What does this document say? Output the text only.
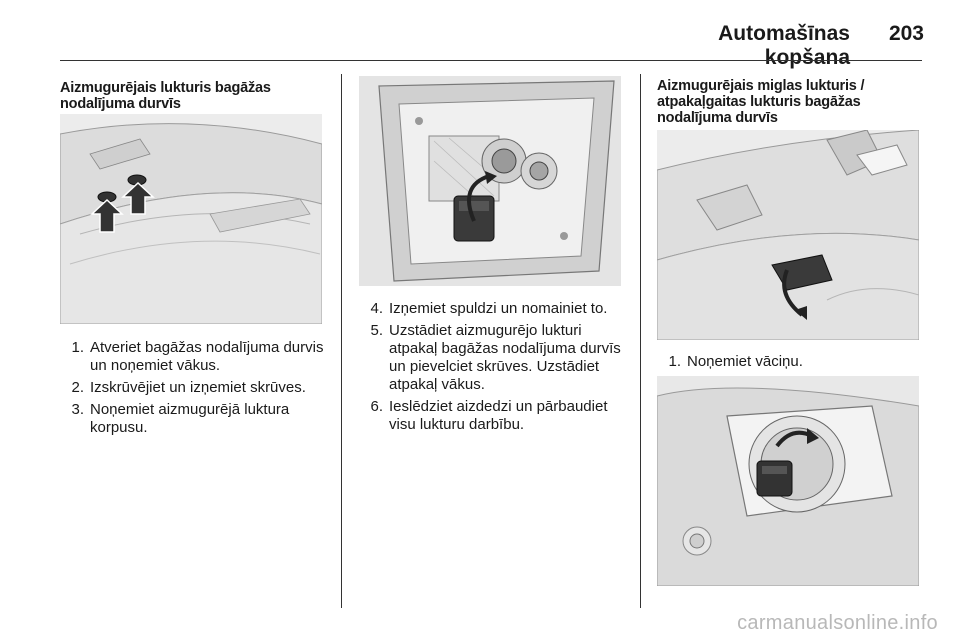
Automašīnas kopšana
203
Aizmugurējais lukturis bagāžas nodalījuma durvīs
1. Atveriet bagāžas nodalījuma durvis un noņemiet vākus.
2. Izskrūvējiet un izņemiet skrūves.
3. Noņemiet aizmugurējā luktura korpusu.
4. Izņemiet spuldzi un nomainiet to.
5. Uzstādiet aizmugurējo lukturi atpakaļ bagāžas nodalījuma durvīs un pievelciet skrūves. Uzstādiet atpakaļ vākus.
6. Ieslēdziet aizdedzi un pārbaudiet visu lukturu darbību.
Aizmugurējais miglas lukturis / atpakaļgaitas lukturis bagāžas nodalījuma durvīs
1. Noņemiet vāciņu.
carmanualsonline.info
